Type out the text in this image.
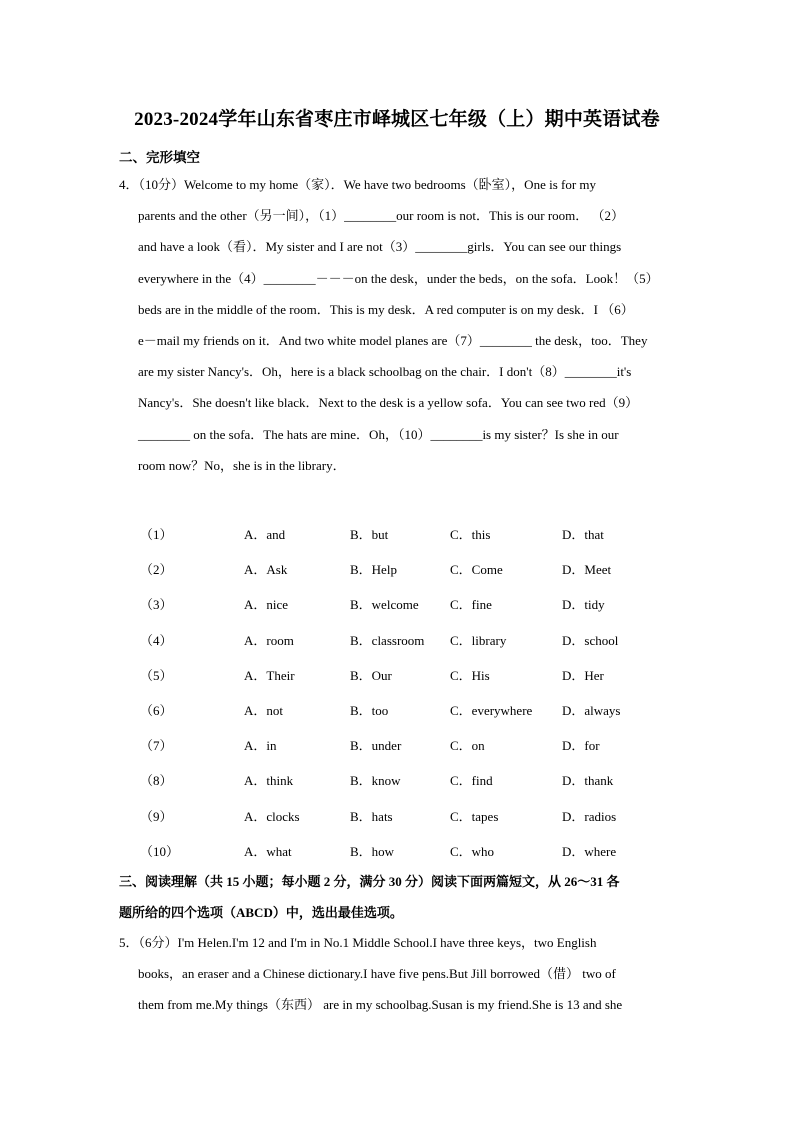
2023-2024学年山东省枣庄市峄城区七年级（上）期中英语试卷
二、完形填空
4．（10分）Welcome to my home（家）．We have two bedrooms（卧室），One is for my
parents and the other（另一间），（1）________our room is not．This is our room． （2）
and have a look（看）．My sister and I are not（3）________girls．You can see our things
everywhere in the（4）________－－－on the desk，under the beds，on the sofa．Look！（5）
beds are in the middle of the room．This is my desk．A red computer is on my desk．I （6）
e－mail my friends on it．And two white model planes are（7）________ the desk，too．They
are my sister Nancy's．Oh，here is a black schoolbag on the chair．I don't（8）________it's
Nancy's．She doesn't like black．Next to the desk is a yellow sofa．You can see two red（9）
________ on the sofa．The hats are mine．Oh，（10）________is my sister？Is she in our
room now？No，she is in the library．
（1）	A．and	B．but	C．this	D．that
（2）	A．Ask	B．Help	C．Come	D．Meet
（3）	A．nice	B．welcome	C．fine	D．tidy
（4）	A．room	B．classroom	C．library	D．school
（5）	A．Their	B．Our	C．His	D．Her
（6）	A．not	B．too	C．everywhere	D．always
（7）	A．in	B．under	C．on	D．for
（8）	A．think	B．know	C．find	D．thank
（9）	A．clocks	B．hats	C．tapes	D．radios
（10）	A．what	B．how	C．who	D．where
三、阅读理解（共 15 小题；每小题 2 分，满分 30 分）阅读下面两篇短文，从 26～31 各
题所给的四个选项（ABCD）中，选出最佳选项。
5．（6分）I'm Helen.I'm 12 and I'm in No.1 Middle School.I have three keys，two English
books，an eraser and a Chinese dictionary.I have five pens.But Jill borrowed（借） two of
them from me.My things（东西） are in my schoolbag.Susan is my friend.She is 13 and she
